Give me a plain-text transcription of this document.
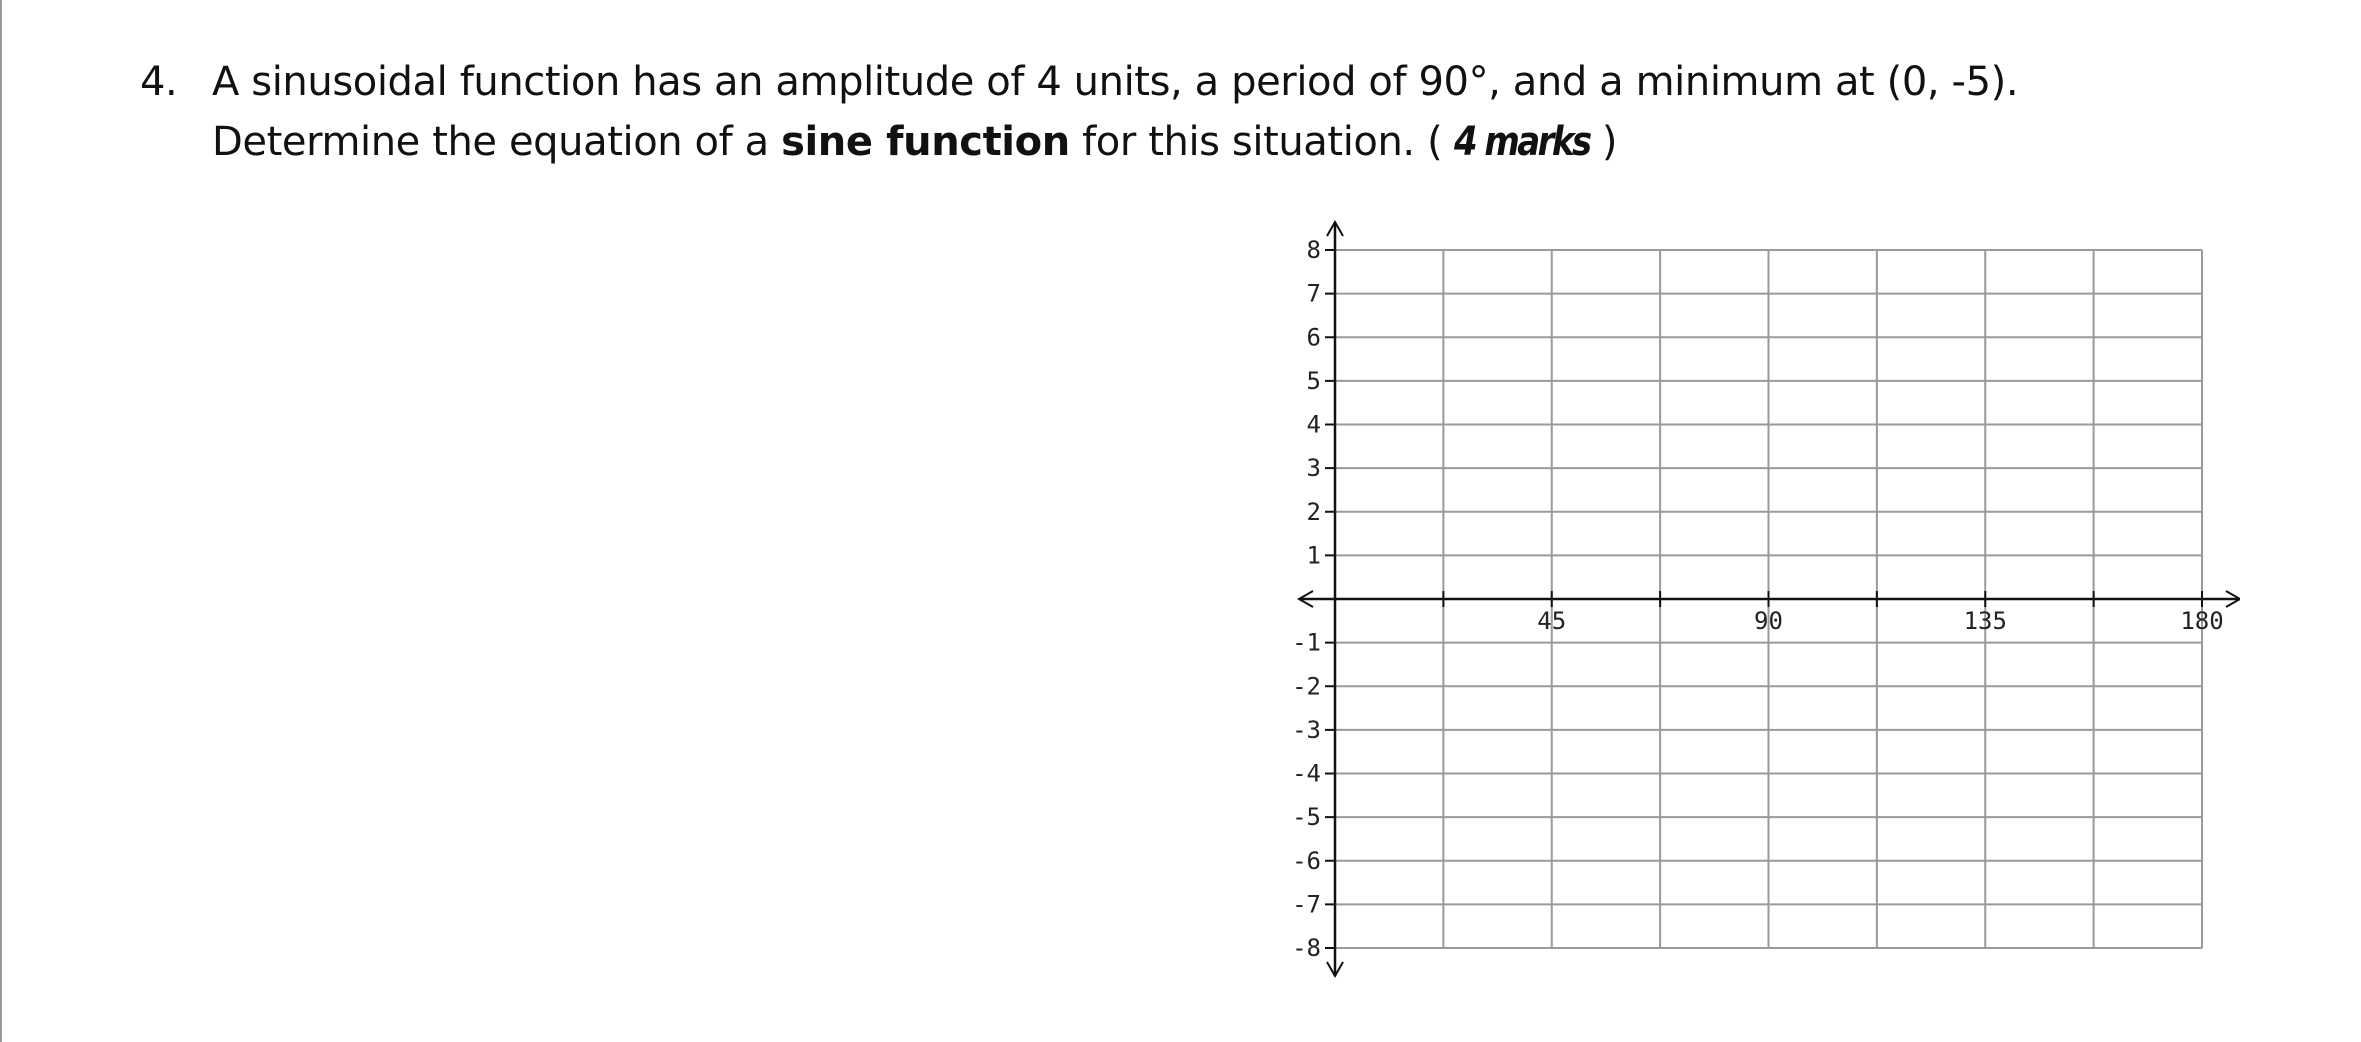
4. A sinusoidal function has an amplitude of 4 units, a period of 90°, and a minimum at (0, -5).
Determine the equation of a sine function for this situation. ( 4 marks )
8
7
6
5
4
3
2
1
-1
-2
-3
-4
-5
-6
-7
-8
45	90	135	180
